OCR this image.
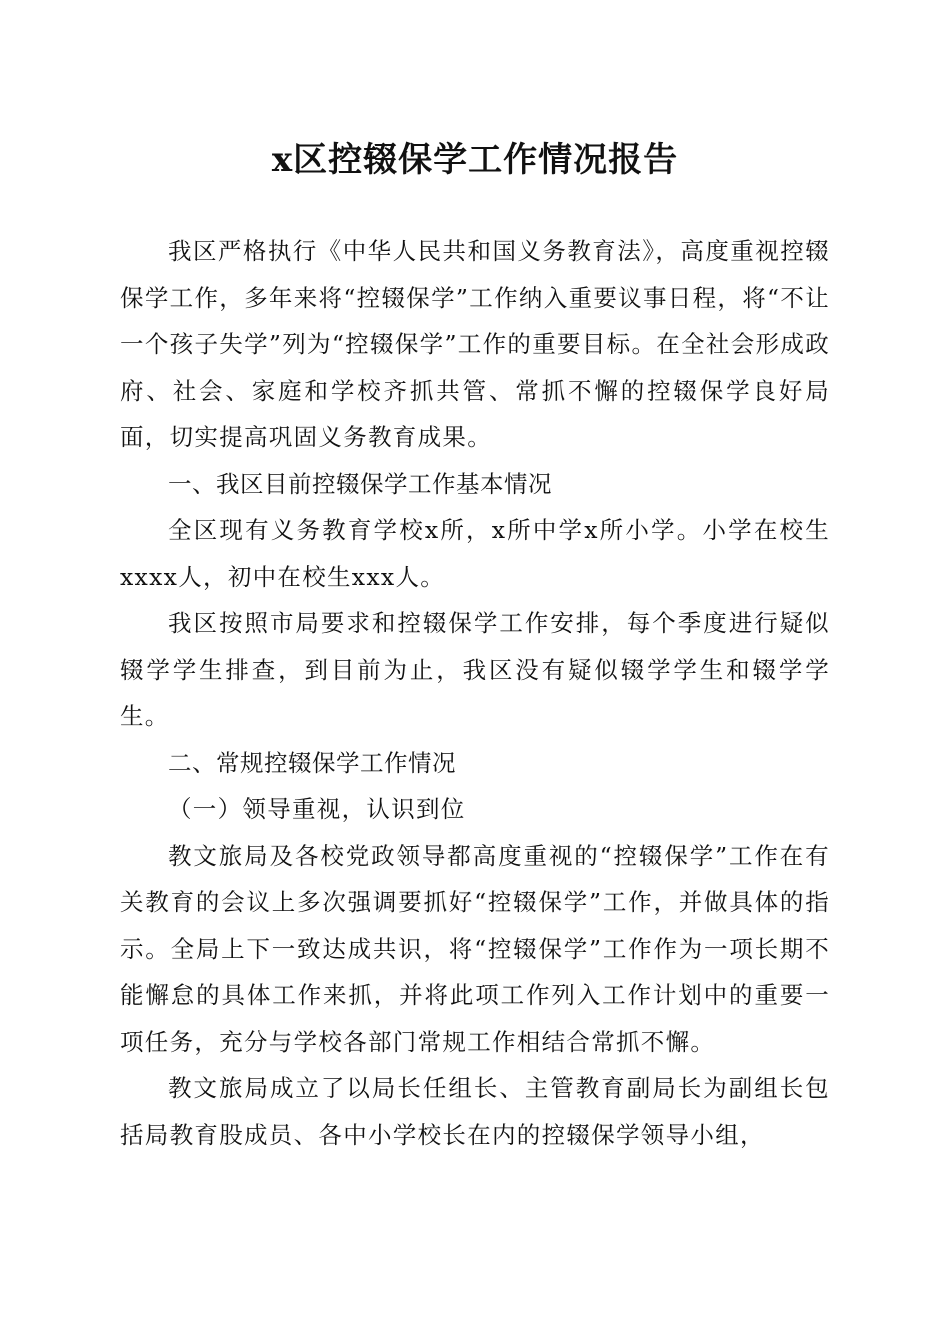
x区控辍保学工作情况报告

我区严格执行《中华人民共和国义务教育法》，高度重视控辍保学工作，多年来将“控辍保学”工作纳入重要议事日程，将“不让一个孩子失学”列为“控辍保学”工作的重要目标。在全社会形成政府、社会、家庭和学校齐抓共管、常抓不懈的控辍保学良好局面，切实提高巩固义务教育成果。

一、我区目前控辍保学工作基本情况

全区现有义务教育学校x所，x所中学x所小学。小学在校生xxxx人，初中在校生xxx人。

我区按照市局要求和控辍保学工作安排，每个季度进行疑似辍学学生排查，到目前为止，我区没有疑似辍学学生和辍学学生。

二、常规控辍保学工作情况

（一）领导重视，认识到位

教文旅局及各校党政领导都高度重视的“控辍保学”工作在有关教育的会议上多次强调要抓好“控辍保学”工作，并做具体的指示。全局上下一致达成共识，将“控辍保学”工作作为一项长期不能懈怠的具体工作来抓，并将此项工作列入工作计划中的重要一项任务，充分与学校各部门常规工作相结合常抓不懈。

教文旅局成立了以局长任组长、主管教育副局长为副组长包括局教育股成员、各中小学校长在内的控辍保学领导小组，
